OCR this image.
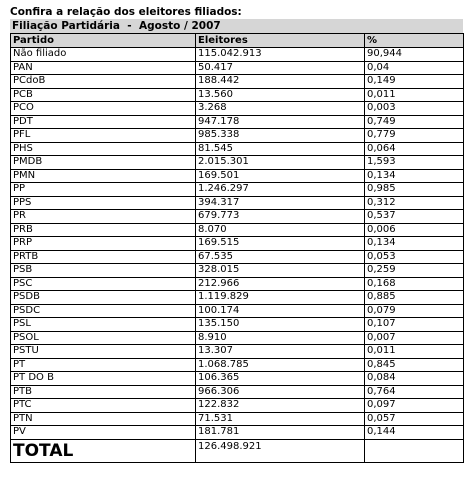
Confira a relação dos eleitores filiados:
Filiação Partidária  -  Agosto / 2007
Partido	Eleitores	%
Não filiado	115.042.913	90,944
PAN	50.417	0,04
PCdoB	188.442	0,149
PCB	13.560	0,011
PCO	3.268	0,003
PDT	947.178	0,749
PFL	985.338	0,779
PHS	81.545	0,064
PMDB	2.015.301	1,593
PMN	169.501	0,134
PP	1.246.297	0,985
PPS	394.317	0,312
PR	679.773	0,537
PRB	8.070	0,006
PRP	169.515	0,134
PRTB	67.535	0,053
PSB	328.015	0,259
PSC	212.966	0,168
PSDB	1.119.829	0,885
PSDC	100.174	0,079
PSL	135.150	0,107
PSOL	8.910	0,007
PSTU	13.307	0,011
PT	1.068.785	0,845
PT DO B	106.365	0,084
PTB	966.306	0,764
PTC	122.832	0,097
PTN	71.531	0,057
PV	181.781	0,144
TOTAL	126.498.921	
